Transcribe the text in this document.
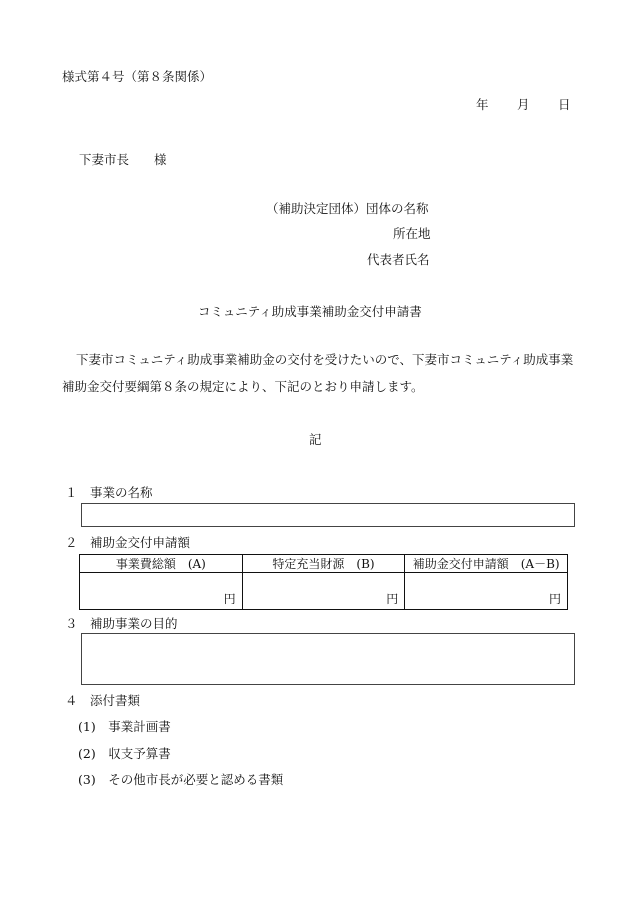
様式第４号（第８条関係）
年 月 日
下妻市長　　様
（補助決定団体）団体の名称
所在地
代表者氏名
コミュニティ助成事業補助金交付申請書
下妻市コミュニティ助成事業補助金の交付を受けたいので、下妻市コミュニティ助成事業補助金交付要綱第８条の規定により、下記のとおり申請します。
記
１　事業の名称
２　補助金交付申請額
事業費総額　(A)	特定充当財源　(B)	補助金交付申請額　(A－B)
円	円	円
３　補助事業の目的
４　添付書類
(1)　事業計画書
(2)　収支予算書
(3)　その他市長が必要と認める書類
